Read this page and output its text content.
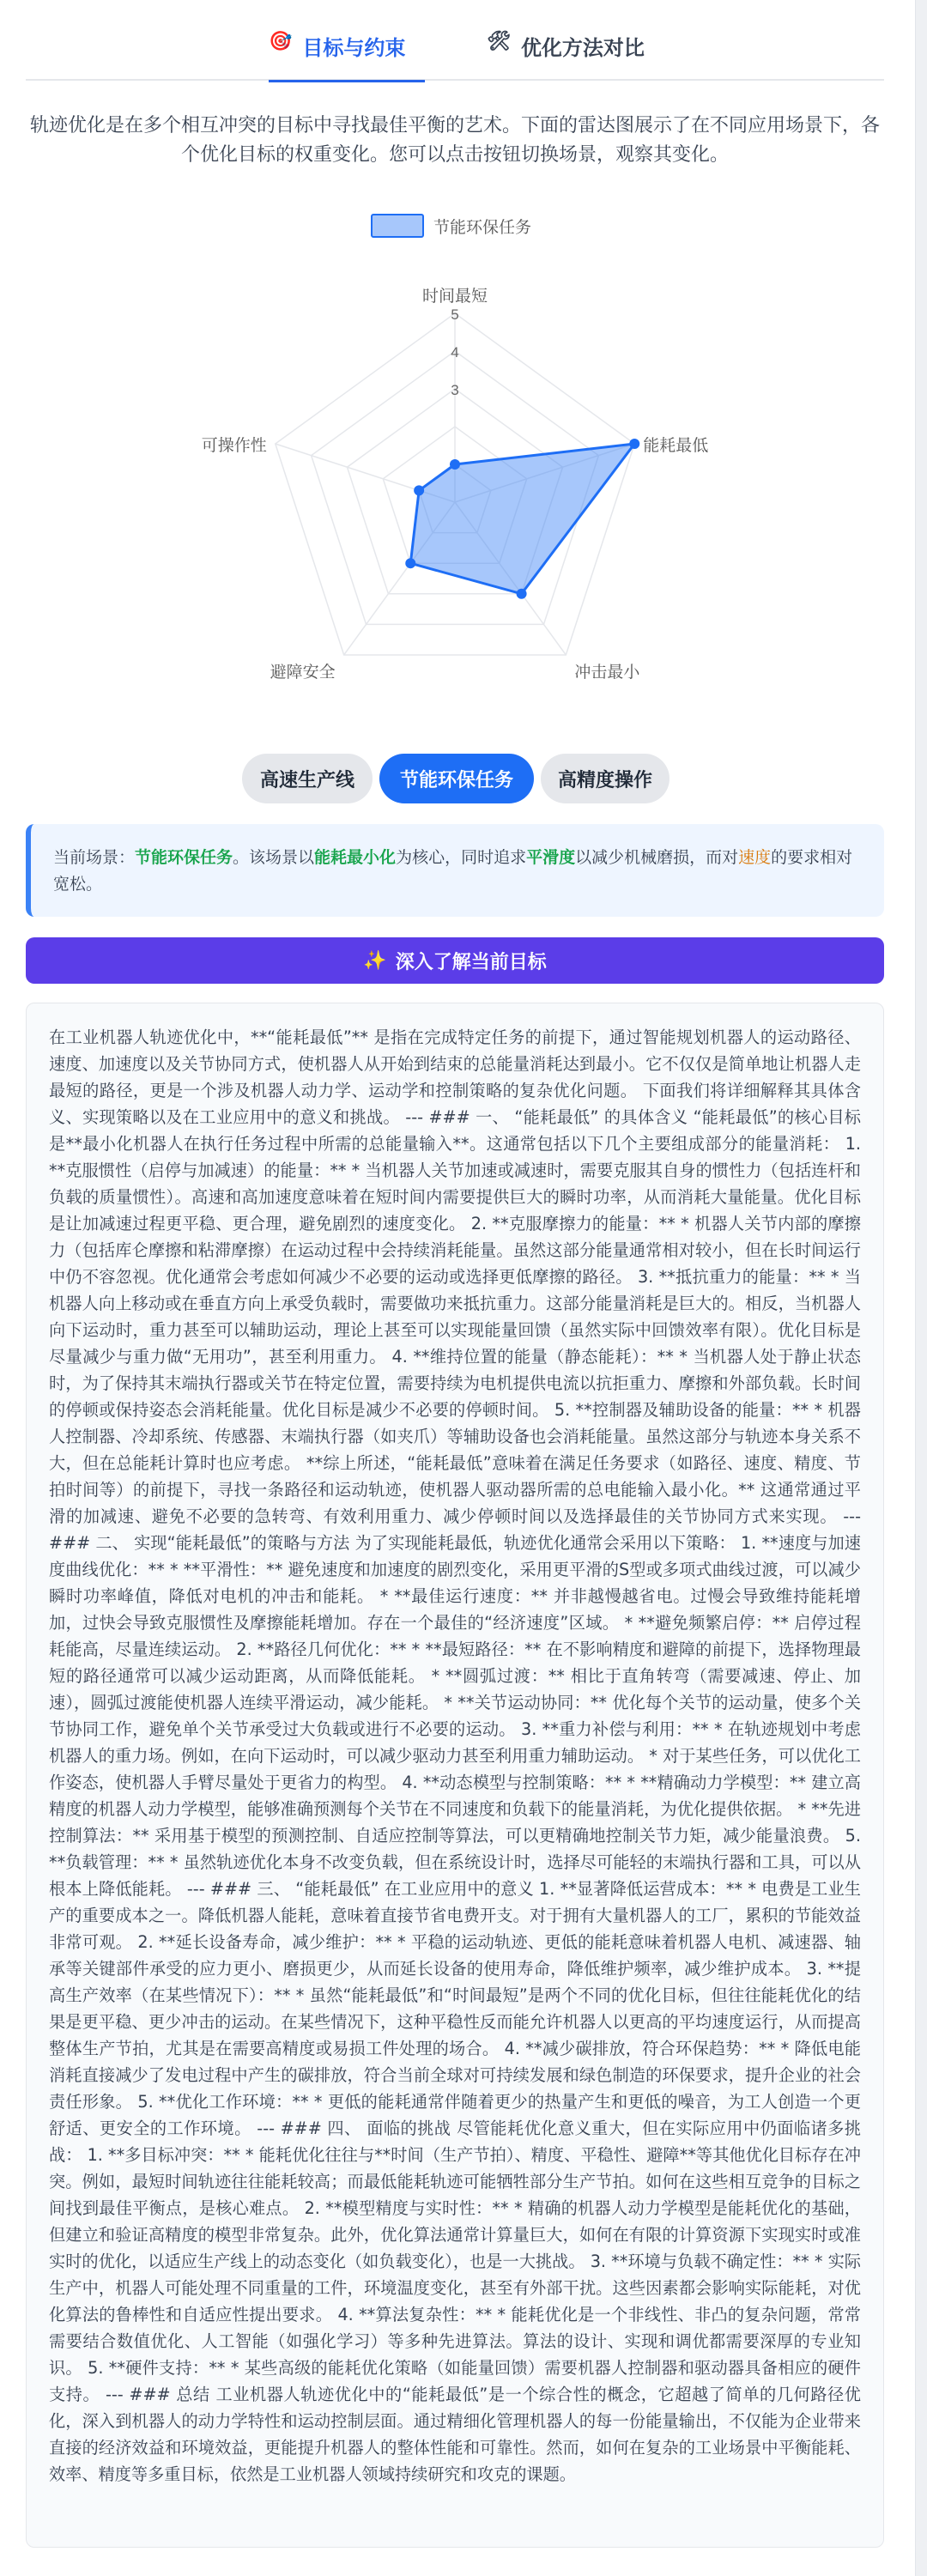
🎯 目标与约束	🛠 优化方法对比

轨迹优化是在多个相互冲突的目标中寻找最佳平衡的艺术。下面的雷达图展示了在不同应用场景下，各个优化目标的权重变化。您可以点击按钮切换场景，观察其变化。

节能环保任务
3
4
5
时间最短
能耗最低
冲击最小
避障安全
可操作性
高速生产线	节能环保任务	高精度操作
当前场景：节能环保任务。该场景以能耗最小化为核心，同时追求平滑度以减少机械磨损，而对速度的要求相对宽松。
✨ 深入了解当前目标

在工业机器人轨迹优化中，**“能耗最低”** 是指在完成特定任务的前提下，通过智能规划机器人的运动路径、速度、加速度以及关节协同方式，使机器人从开始到结束的总能量消耗达到最小。它不仅仅是简单地让机器人走最短的路径，更是一个涉及机器人动力学、运动学和控制策略的复杂优化问题。 下面我们将详细解释其具体含义、实现策略以及在工业应用中的意义和挑战。 --- ### 一、 “能耗最低” 的具体含义 “能耗最低”的核心目标是**最小化机器人在执行任务过程中所需的总能量输入**。这通常包括以下几个主要组成部分的能量消耗： 1. **克服惯性（启停与加减速）的能量：** * 当机器人关节加速或减速时，需要克服其自身的惯性力（包括连杆和负载的质量惯性）。高速和高加速度意味着在短时间内需要提供巨大的瞬时功率，从而消耗大量能量。优化目标是让加减速过程更平稳、更合理，避免剧烈的速度变化。 2. **克服摩擦力的能量：** * 机器人关节内部的摩擦力（包括库仑摩擦和粘滞摩擦）在运动过程中会持续消耗能量。虽然这部分能量通常相对较小，但在长时间运行中仍不容忽视。优化通常会考虑如何减少不必要的运动或选择更低摩擦的路径。 3. **抵抗重力的能量：** * 当机器人向上移动或在垂直方向上承受负载时，需要做功来抵抗重力。这部分能量消耗是巨大的。相反，当机器人向下运动时，重力甚至可以辅助运动，理论上甚至可以实现能量回馈（虽然实际中回馈效率有限）。优化目标是尽量减少与重力做“无用功”，甚至利用重力。 4. **维持位置的能量（静态能耗）：** * 当机器人处于静止状态时，为了保持其末端执行器或关节在特定位置，需要持续为电机提供电流以抗拒重力、摩擦和外部负载。长时间的停顿或保持姿态会消耗能量。优化目标是减少不必要的停顿时间。 5. **控制器及辅助设备的能量：** * 机器人控制器、冷却系统、传感器、末端执行器（如夹爪）等辅助设备也会消耗能量。虽然这部分与轨迹本身关系不大，但在总能耗计算时也应考虑。 **综上所述，“能耗最低”意味着在满足任务要求（如路径、速度、精度、节拍时间等）的前提下，寻找一条路径和运动轨迹，使机器人驱动器所需的总电能输入最小化。** 这通常通过平滑的加减速、避免不必要的急转弯、有效利用重力、减少停顿时间以及选择最佳的关节协同方式来实现。 --- ### 二、 实现“能耗最低”的策略与方法 为了实现能耗最低，轨迹优化通常会采用以下策略： 1. **速度与加速度曲线优化：** * **平滑性：** 避免速度和加速度的剧烈变化，采用更平滑的S型或多项式曲线过渡，可以减少瞬时功率峰值，降低对电机的冲击和能耗。 * **最佳运行速度：** 并非越慢越省电。过慢会导致维持能耗增加，过快会导致克服惯性及摩擦能耗增加。存在一个最佳的“经济速度”区域。 * **避免频繁启停：** 启停过程耗能高，尽量连续运动。 2. **路径几何优化：** * **最短路径：** 在不影响精度和避障的前提下，选择物理最短的路径通常可以减少运动距离，从而降低能耗。 * **圆弧过渡：** 相比于直角转弯（需要减速、停止、加速），圆弧过渡能使机器人连续平滑运动，减少能耗。 * **关节运动协同：** 优化每个关节的运动量，使多个关节协同工作，避免单个关节承受过大负载或进行不必要的运动。 3. **重力补偿与利用：** * 在轨迹规划中考虑机器人的重力场。例如，在向下运动时，可以减少驱动力甚至利用重力辅助运动。 * 对于某些任务，可以优化工作姿态，使机器人手臂尽量处于更省力的构型。 4. **动态模型与控制策略：** * **精确动力学模型：** 建立高精度的机器人动力学模型，能够准确预测每个关节在不同速度和负载下的能量消耗，为优化提供依据。 * **先进控制算法：** 采用基于模型的预测控制、自适应控制等算法，可以更精确地控制关节力矩，减少能量浪费。 5. **负载管理：** * 虽然轨迹优化本身不改变负载，但在系统设计时，选择尽可能轻的末端执行器和工具，可以从根本上降低能耗。 --- ### 三、 “能耗最低” 在工业应用中的意义 1. **显著降低运营成本：** * 电费是工业生产的重要成本之一。降低机器人能耗，意味着直接节省电费开支。对于拥有大量机器人的工厂，累积的节能效益非常可观。 2. **延长设备寿命，减少维护：** * 平稳的运动轨迹、更低的能耗意味着机器人电机、减速器、轴承等关键部件承受的应力更小、磨损更少，从而延长设备的使用寿命，降低维护频率，减少维护成本。 3. **提高生产效率（在某些情况下）：** * 虽然“能耗最低”和“时间最短”是两个不同的优化目标，但往往能耗优化的结果是更平稳、更少冲击的运动。在某些情况下，这种平稳性反而能允许机器人以更高的平均速度运行，从而提高整体生产节拍，尤其是在需要高精度或易损工件处理的场合。 4. **减少碳排放，符合环保趋势：** * 降低电能消耗直接减少了发电过程中产生的碳排放，符合当前全球对可持续发展和绿色制造的环保要求，提升企业的社会责任形象。 5. **优化工作环境：** * 更低的能耗通常伴随着更少的热量产生和更低的噪音，为工人创造一个更舒适、更安全的工作环境。 --- ### 四、 面临的挑战 尽管能耗优化意义重大，但在实际应用中仍面临诸多挑战： 1. **多目标冲突：** * 能耗优化往往与**时间（生产节拍）、精度、平稳性、避障**等其他优化目标存在冲突。例如，最短时间轨迹往往能耗较高；而最低能耗轨迹可能牺牲部分生产节拍。如何在这些相互竞争的目标之间找到最佳平衡点，是核心难点。 2. **模型精度与实时性：** * 精确的机器人动力学模型是能耗优化的基础，但建立和验证高精度的模型非常复杂。此外，优化算法通常计算量巨大，如何在有限的计算资源下实现实时或准实时的优化，以适应生产线上的动态变化（如负载变化），也是一大挑战。 3. **环境与负载不确定性：** * 实际生产中，机器人可能处理不同重量的工件，环境温度变化，甚至有外部干扰。这些因素都会影响实际能耗，对优化算法的鲁棒性和自适应性提出要求。 4. **算法复杂性：** * 能耗优化是一个非线性、非凸的复杂问题，常常需要结合数值优化、人工智能（如强化学习）等多种先进算法。算法的设计、实现和调优都需要深厚的专业知识。 5. **硬件支持：** * 某些高级的能耗优化策略（如能量回馈）需要机器人控制器和驱动器具备相应的硬件支持。 --- ### 总结 工业机器人轨迹优化中的“能耗最低”是一个综合性的概念，它超越了简单的几何路径优化，深入到机器人的动力学特性和运动控制层面。通过精细化管理机器人的每一份能量输出，不仅能为企业带来直接的经济效益和环境效益，更能提升机器人的整体性能和可靠性。然而，如何在复杂的工业场景中平衡能耗、效率、精度等多重目标，依然是工业机器人领域持续研究和攻克的课题。
